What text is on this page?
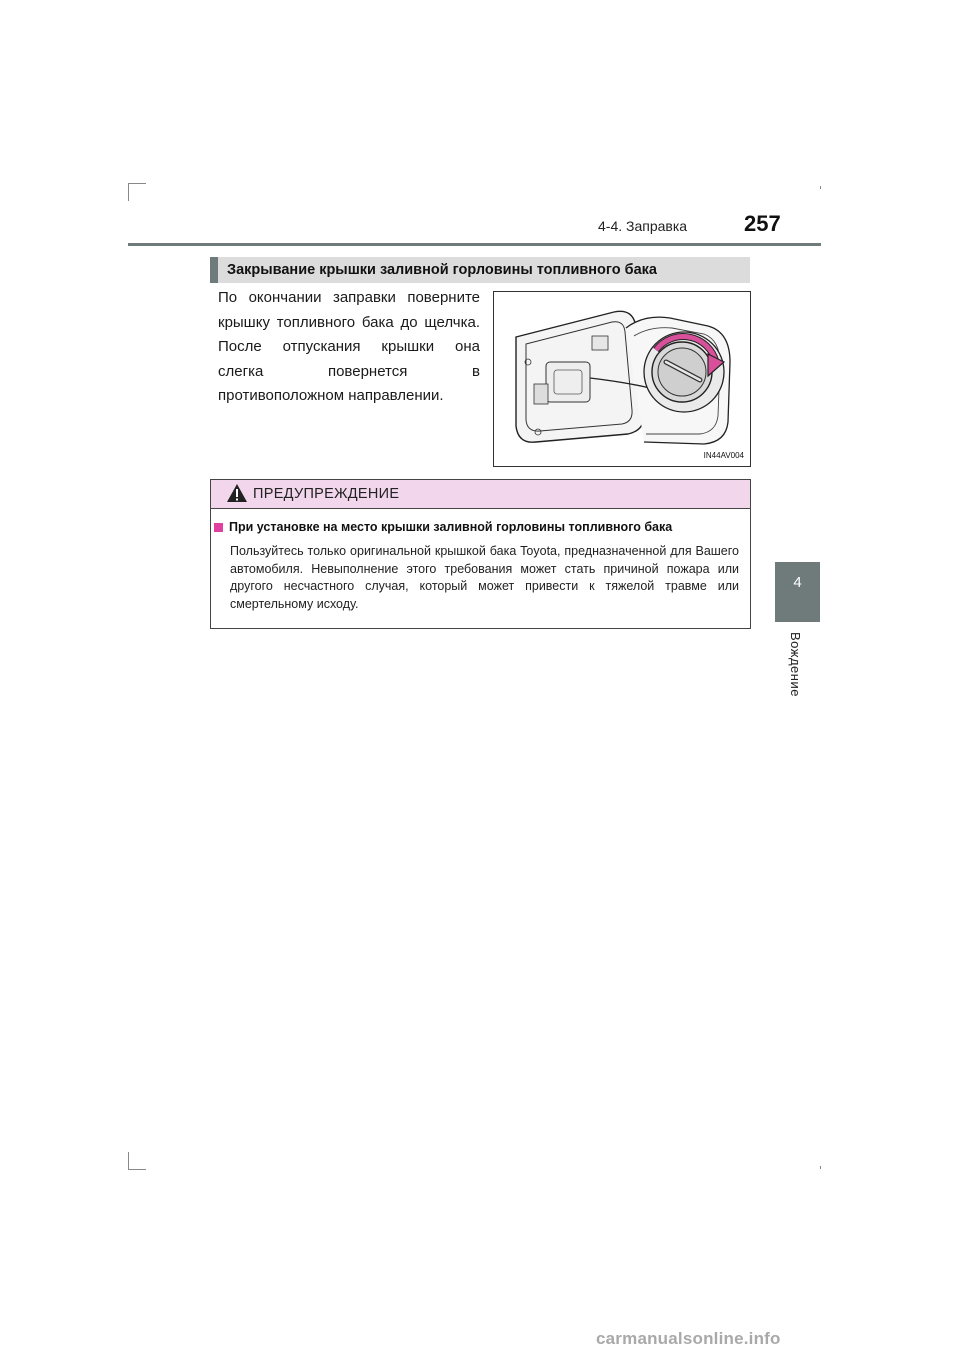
4-4. Заправка	257
4
Вождение
Закрывание крышки заливной горловины топливного бака
По окончании заправки поверните
крышку топливного бака до щелчка.
После отпускания крышки она
слегка повернется в
противоположном направлении.
IN44AV004
ПРЕДУПРЕЖДЕНИЕ
При установке на место крышки заливной горловины топливного бака
Пользуйтесь только оригинальной крышкой бака Toyota, предназначенной для Вашего автомобиля. Невыполнение этого требования может стать причиной пожара или другого несчастного случая, который может привести к тяжелой травме или смертельному исходу.
carmanualsonline.info
